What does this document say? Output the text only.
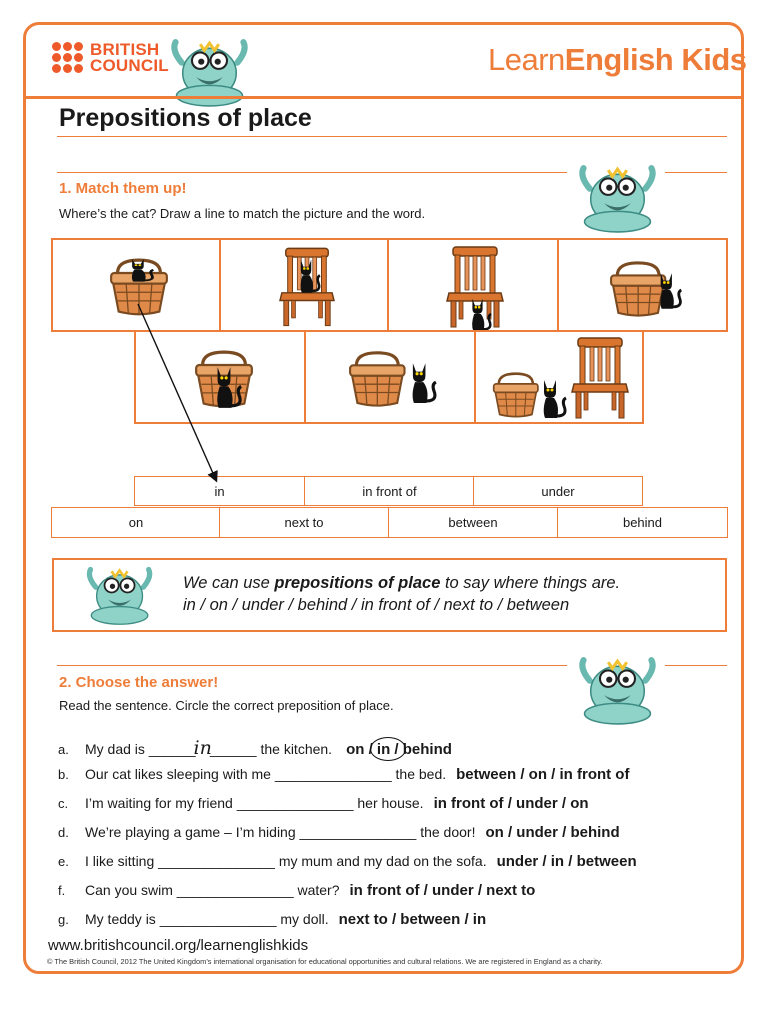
BRITISH
COUNCIL	LearnEnglish Kids
Prepositions of place
1. Match them up!
Where’s the cat? Draw a line to match the picture and the word.
in	in front of	under
on	next to	between	behind
We can use prepositions of place to say where things are.
in / on / under / behind / in front of / next to / between
2. Choose the answer!
Read the sentence. Circle the correct preposition of place.
a.	My dad is ______
in
______ the kitchen. on / in / behind
b.	Our cat likes sleeping with me _______________ the bed. between / on / in front of
c.	I’m waiting for my friend _______________ her house. in front of / under / on
d.	We’re playing a game – I’m hiding _______________ the door! on / under / behind
e.	I like sitting _______________ my mum and my dad on the sofa. under / in / between
f.	Can you swim _______________ water? in front of / under / next to
g.	My teddy is _______________ my doll. next to / between / in
www.britishcouncil.org/learnenglishkids
© The British Council, 2012 The United Kingdom’s international organisation for educational opportunities and cultural relations. We are registered in England as a charity.
